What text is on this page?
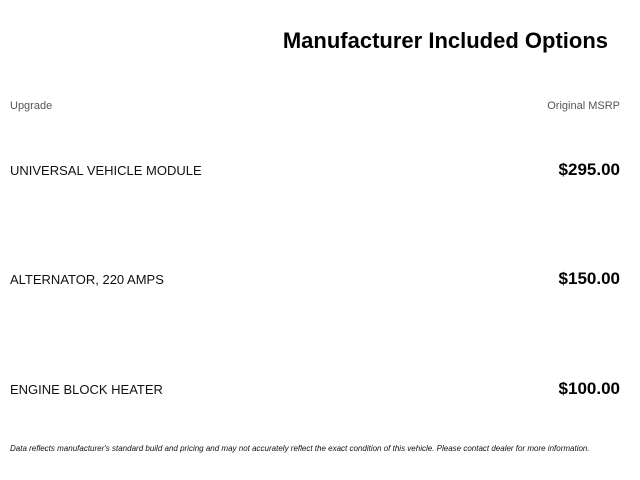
Manufacturer Included Options
Upgrade	Original MSRP
UNIVERSAL VEHICLE MODULE	$295.00
ALTERNATOR, 220 AMPS	$150.00
ENGINE BLOCK HEATER	$100.00
Data reflects manufacturer's standard build and pricing and may not accurately reflect the exact condition of this vehicle. Please contact dealer for more information.
